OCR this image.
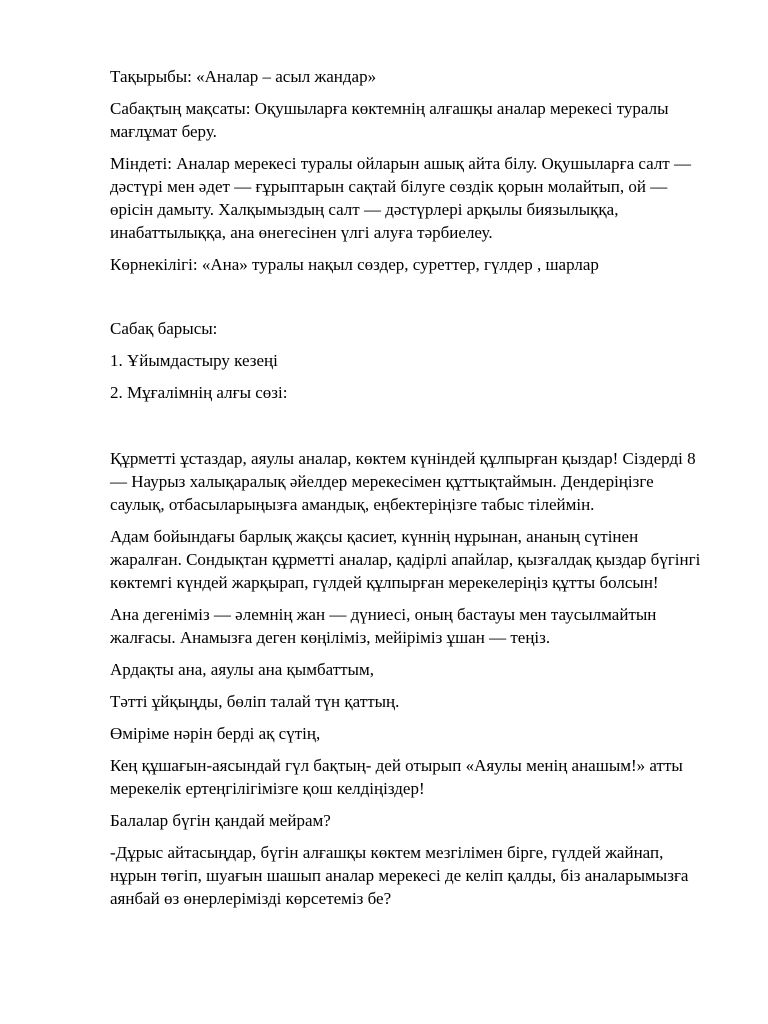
Тақырыбы: «Аналар – асыл жандар»

Сабақтың мақсаты: Оқушыларға көктемнің алғашқы аналар мерекесі туралы мағлұмат беру.

Міндеті: Аналар мерекесі туралы ойларын ашық айта білу. Оқушыларға салт — дәстүрі мен әдет — ғұрыптарын сақтай білуге сөздік қорын молайтып, ой — өрісін дамыту. Халқымыздың салт — дәстүрлері арқылы биязылыққа, инабаттылыққа, ана өнегесінен үлгі алуға тәрбиелеу.

Көрнекілігі: «Ана» туралы нақыл сөздер, суреттер, гүлдер , шарлар

Сабақ барысы:

1. Ұйымдастыру кезеңі

2. Мұғалімнің алғы сөзі:

Құрметті ұстаздар, аяулы аналар, көктем күніндей құлпырған қыздар! Сіздерді 8 — Наурыз халықаралық әйелдер мерекесімен құттықтаймын. Дендеріңізге саулық, отбасыларыңызға амандық, еңбектеріңізге табыс тілеймін.

Адам бойындағы барлық жақсы қасиет, күннің нұрынан, ананың сүтінен жаралған. Сондықтан құрметті аналар, қадірлі апайлар, қызғалдақ қыздар бүгінгі көктемгі күндей жарқырап, гүлдей құлпырған мерекелеріңіз құтты болсын!

Ана дегеніміз — әлемнің жан — дүниесі, оның бастауы мен таусылмайтын жалғасы. Анамызға деген көңіліміз, мейіріміз ұшан — теңіз.

Ардақты ана, аяулы ана қымбаттым,

Тәтті ұйқыңды, бөліп талай түн қаттың.

Өміріме нәрін берді ақ сүтің,

Кең құшағын-аясындай гүл бақтың- дей отырып «Аяулы менің анашым!» атты мерекелік ертеңгілігімізге қош келдіңіздер!

Балалар бүгін қандай мейрам?

-Дұрыс айтасыңдар, бүгін алғашқы көктем мезгілімен бірге, гүлдей жайнап, нұрын төгіп, шуағын шашып аналар мерекесі де келіп қалды, біз аналарымызға аянбай өз өнерлерімізді көрсетеміз бе?
